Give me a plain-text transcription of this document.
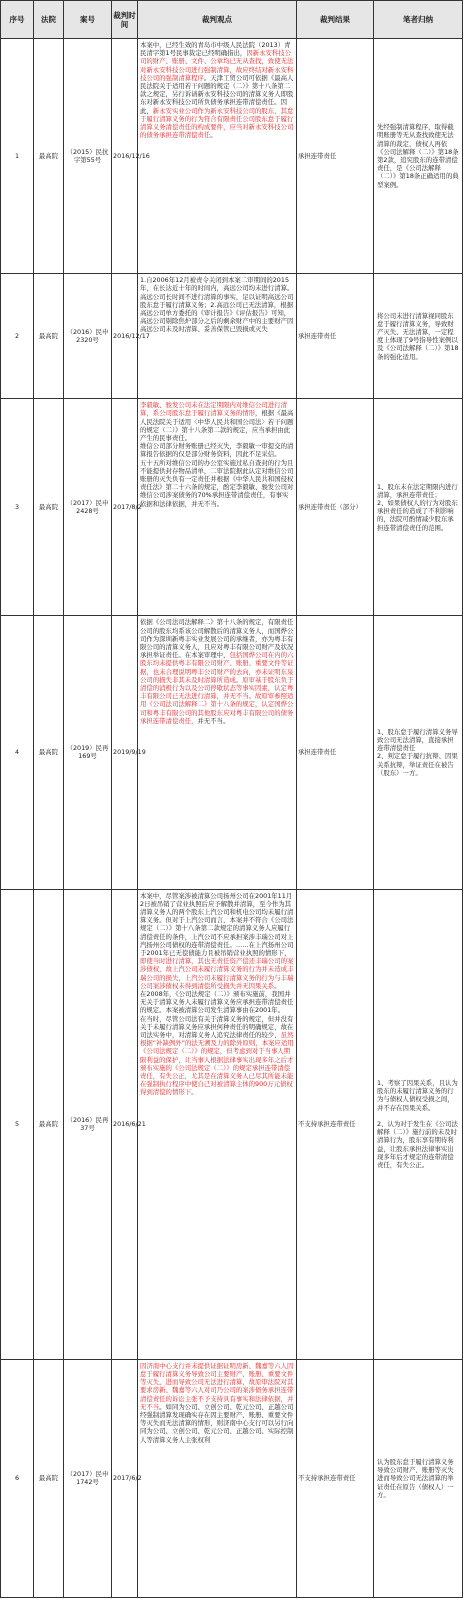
序号	法院	案号	裁判时间	裁判观点	裁判结果	笔者归纳
1	最高院	（2015）民抗字第55号	2016/12/16	本案中，已经生效的青岛市中级人民法院（2013）青民清字第1号民事裁定已经明确指出，因新永安科技公司的财产、账册、文件、公章均已无从查找，致使无法对新永安科技公司进行强制清算，故应终结对新永安科技公司的强制清算程序。天津工贸公司可依据《最高人民法院关于适用若干问题的规定（二）》第十八条第二款之规定，另行诉请新永安科技公司的清算义务人即股东对新永安科技公司所负债务承担连带清偿责任。因此，新永安实业公司作为新永安科技公司的股东，其怠于履行清算义务的行为符合有限责任公司股东怠于履行清算义务清偿责任的构成要件，应当对新永安科技公司的债务承担连带清偿责任。	承担连带责任	先经强制清算程序，取得截明账册等无从查找致使无法清算的裁定，债权人再依《公司法解释（二）》第18条第2款，追究股东的连带清偿责任，是《公司法解释（二）》第18条正确适用的典型案例。
2	最高院	（2016）民申2320号	2016/12/17	1.自2006年12月被责令关闭到本案二审期间的2015年，在长达近十年的时间内，高远公司均未进行清算。高远公司长时间不进行清算的事实，足以证明高远公司股东怠于履行清算义务；2.高远公司已无法清算，根据高远公司单方委托的《审计报告》《评估报告》可知，高远公司剔除焦炉部分之后的剩余财产中的主要财产因高远公司未及时清算、妥善保管已毁损或灭失	承担连带责任	将公司未进行清算视同股东怠于履行清算义务，导致财产灭失、无法清算，一定程度上体现了9号指导性案例以及《公司法解释（二）》第18条的强化适用。
3	最高院	（2017）民申2428号	2017/8/2	李毅敏、骏发公司未在法定期限内对维信公司进行清算，系公司股东怠于履行清算义务的情形，根据《最高人民法院关于适用〈中华人民共和国公司法〉若干问题的规定（二）》第十八条第二款的规定，应当承担由此产生的民事责任。
维信公司部分财务账册已经灭失，李毅敏一审提交的清算报告依据的仅是部分财务资料，因此不足采信。
五十五所对维信公司的办公室实施过私自查封的行为且不能提供封存物品清单，二审法院据此认定对维信公司账册的灭失负有一定责任并根据《中华人民共和国侵权责任法》第二十六条的规定，酌定李毅敏、骏发公司对维信公司涉案债务的70%承担连带清偿责任，有事实依据和法律依据，并无不当。	承担连带责任（部分）	1、股东未在法定期限内进行清算，承担连带责任；
2、如果债权人的行为对股东承担责任的造成了不利影响的，法院可酌情减少股东承担连带清偿责任的范围。
4	最高院	（2019）民再169号	2019/9/19	依据《公司法司法解释二》第十八条的规定，有限责任公司的股东均系该公司解散后的清算义务人，而国烨公司作为深圳新粤丰实业发展公司的承继者，亦为粤丰有限公司的清算义务人，且应对粤丰有限公司财产及状况承担举证责任。在本案审理中，包括国烨公司在内的六股东均未提供粤丰有限公司财产、账册、重要文件等证据，也未合理说明粤丰公司财产的去向，亦未证明东泉公司的损失非其未及时清算所造成。原审基于股东负于清偿的消极行为以及公司停歇状态等事实因素，认定粤丰有限公司已无法进行清算，并无不当。故原审参照适用《公司法司法解释二》第十八条的规定，认定国烨公司和粤丰有限公司的其他股东应对粤丰有限公司的债务承担连带清偿责任，并无不当。	承担连带责任	1、股东怠于履行清算义务导致公司无法清算，直接承担连带清偿责任
2、判定怠于履行抗辩、因果关系抗辩，举证责任在被告（股东）一方。
5	最高院	（2016）民再37号	2016/6/21	本案中，尽管案涉被清算公司扬州公司在2001年11月2日被吊销了营业执照后应予解散并清算，至今作为其清算义务人的两个股东上汽公司和机电公司均未履行清算义务。但对于上汽公司而言，本案并不符合《公司法规定（二）》第十八条第二款规定的清算义务人应履行清偿责任的条件，上汽公司不应承担案涉丰瑞公司对上汽扬州公司债权的连带清偿责任。……在上汽扬州公司于2001年已无偿债能力且被吊销营业执照的情形下，即使当时进行清算，其也无责任资产偿还丰瑞公司的案涉债权，故上汽公司未履行清算义务的行为并未造成丰瑞公司的损失，上汽公司未履行清算义务的行为与丰瑞公司案涉债权未得到清偿所受损失并无因果关系。
在2008年，《公司法规定（二）》颁布实施前，我国并无关于清算义务人未履行清算义务应承担连带清偿责任的规定。本案被清算公司发生清算事由在2001年。
在当时，尽管公司法有关于清算义务的规定，但并没有关于未履行清算义务应承担何种责任的明确规定，故在司法实务中，对清算义务人追究法律责任的较少，虽然根据“补缺例外”的法无溯及力的除外原则，本案应适用《公司法规定（二）》的规定，但考虑到对于当事人期限利益的保护，让当事人根据法律事实出现多年之后才颁布实施的《公司法规定（二）》的规定承担连带清偿责任，有失公正，尤其是在清算义务人已尽其所能未能在强制执行程序中使自己对被清算主体的900万元债权得到清偿的情形下。	不支持承担连带责任	1、考察了因果关系，且认为股东的未履行清算义务的行为与债权人债权受损之间，并不存在因果关系。

2、认为对于发生在《公司法解释（二）》施行前的未及时清算行为，股东享有期待利益，让股东承担法律事实出现多年后才规定的连带清偿责任，有失公正。
6	最高院	（2017）民申1742号	2017/6/2	因济南中心支行并未提供证据证明房新、魏嘉等六人因怠于履行清算义务导致公司主要财产、账册、重要文件等灭失，进而导致公司无法进行清算，故原审法院对其要求房新、魏嘉等六人对司乃公司的案涉债务承担连带清偿责任的诉讼主张不予支持具有事实和法律依据，并无不当。如同为公司、立创公司、乾元公司、正越公司经强制清算发现确实存在因主要财产、账册、重要文件等灭失而无法清算的情形，则济南中心支行可以另行向同为公司、立创公司、乾元公司、正越公司、实际控制人等清算义务人主张权利	不支持承担连带责任	认为股东怠于履行清算义务导致公司财产、账册等灭失进而导致公司无法清算的举证责任在原告（债权人）一方。
